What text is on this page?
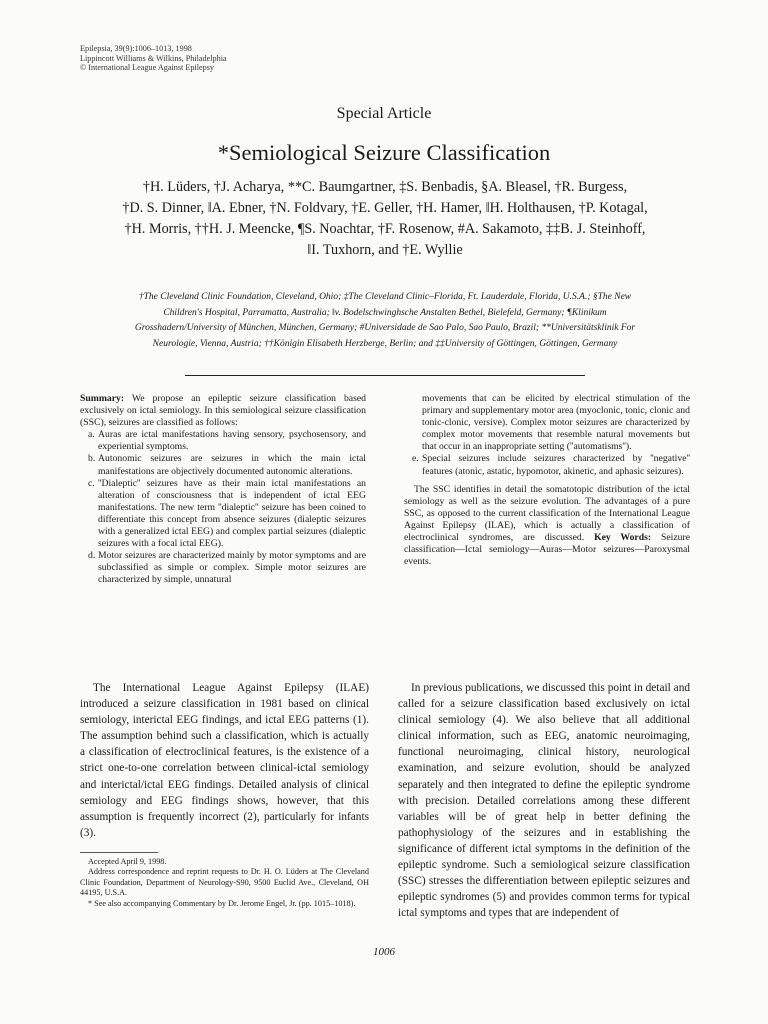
Epilepsia, 39(9):1006–1013, 1998
Lippincott Williams & Wilkins, Philadelphia
© International League Against Epilepsy
Special Article
*Semiological Seizure Classification
†H. Lüders, †J. Acharya, **C. Baumgartner, ‡S. Benbadis, §A. Bleasel, †R. Burgess,
†D. S. Dinner, ‖A. Ebner, †N. Foldvary, †E. Geller, †H. Hamer, ‖H. Holthausen, †P. Kotagal,
†H. Morris, ††H. J. Meencke, ¶S. Noachtar, †F. Rosenow, #A. Sakamoto, ‡‡B. J. Steinhoff,
‖I. Tuxhorn, and †E. Wyllie
†The Cleveland Clinic Foundation, Cleveland, Ohio; ‡The Cleveland Clinic–Florida, Ft. Lauderdale, Florida, U.S.A.; §The New
Children's Hospital, Parramatta, Australia; ‖v. Bodelschwinghsche Anstalten Bethel, Bielefeld, Germany; ¶Klinikum
Grosshadern/University of München, München, Germany; #Universidade de Sao Palo, Sao Paulo, Brazil; **Universitätsklinik For
Neurologie, Vienna, Austria; ††Königin Elisabeth Herzberge, Berlin; and ‡‡University of Göttingen, Göttingen, Germany

Summary: We propose an epileptic seizure classification based exclusively on ictal semiology. In this semiological seizure classification (SSC), seizures are classified as follows:

a. Auras are ictal manifestations having sensory, psychosensory, and experiential symptoms.

b. Autonomic seizures are seizures in which the main ictal manifestations are objectively documented autonomic alterations.

c. ''Dialeptic'' seizures have as their main ictal manifestations an alteration of consciousness that is independent of ictal EEG manifestations. The new term ''dialeptic'' seizure has been coined to differentiate this concept from absence seizures (dialeptic seizures with a generalized ictal EEG) and complex partial seizures (dialeptic seizures with a focal ictal EEG).

d. Motor seizures are characterized mainly by motor symptoms and are subclassified as simple or complex. Simple motor seizures are characterized by simple, unnatural

movements that can be elicited by electrical stimulation of the primary and supplementary motor area (myoclonic, tonic, clonic and tonic-clonic, versive). Complex motor seizures are characterized by complex motor movements that resemble natural movements but that occur in an inappropriate setting (''automatisms'').

e. Special seizures include seizures characterized by ''negative'' features (atonic, astatic, hypomotor, akinetic, and aphasic seizures).

The SSC identifies in detail the somatotopic distribution of the ictal semiology as well as the seizure evolution. The advantages of a pure SSC, as opposed to the current classification of the International League Against Epilepsy (ILAE), which is actually a classification of electroclinical syndromes, are discussed. Key Words: Seizure classification—Ictal semiology—Auras—Motor seizures—Paroxysmal events.

The International League Against Epilepsy (ILAE) introduced a seizure classification in 1981 based on clinical semiology, interictal EEG findings, and ictal EEG patterns (1). The assumption behind such a classification, which is actually a classification of electroclinical features, is the existence of a strict one-to-one correlation between clinical-ictal semiology and interictal/ictal EEG findings. Detailed analysis of clinical semiology and EEG findings shows, however, that this assumption is frequently incorrect (2), particularly for infants (3).

In previous publications, we discussed this point in detail and called for a seizure classification based exclusively on ictal clinical semiology (4). We also believe that all additional clinical information, such as EEG, anatomic neuroimaging, functional neuroimaging, clinical history, neurological examination, and seizure evolution, should be analyzed separately and then integrated to define the epileptic syndrome with precision. Detailed correlations among these different variables will be of great help in better defining the pathophysiology of the seizures and in establishing the significance of different ictal symptoms in the definition of the epileptic syndrome. Such a semiological seizure classification (SSC) stresses the differentiation between epileptic seizures and epileptic syndromes (5) and provides common terms for typical ictal symptoms and types that are independent of

Accepted April 9, 1998.

Address correspondence and reprint requests to Dr. H. O. Lüders at The Cleveland Clinic Foundation, Department of Neurology-S90, 9500 Euclid Ave., Cleveland, OH 44195, U.S.A.

* See also accompanying Commentary by Dr. Jerome Engel, Jr. (pp. 1015–1018).

1006
